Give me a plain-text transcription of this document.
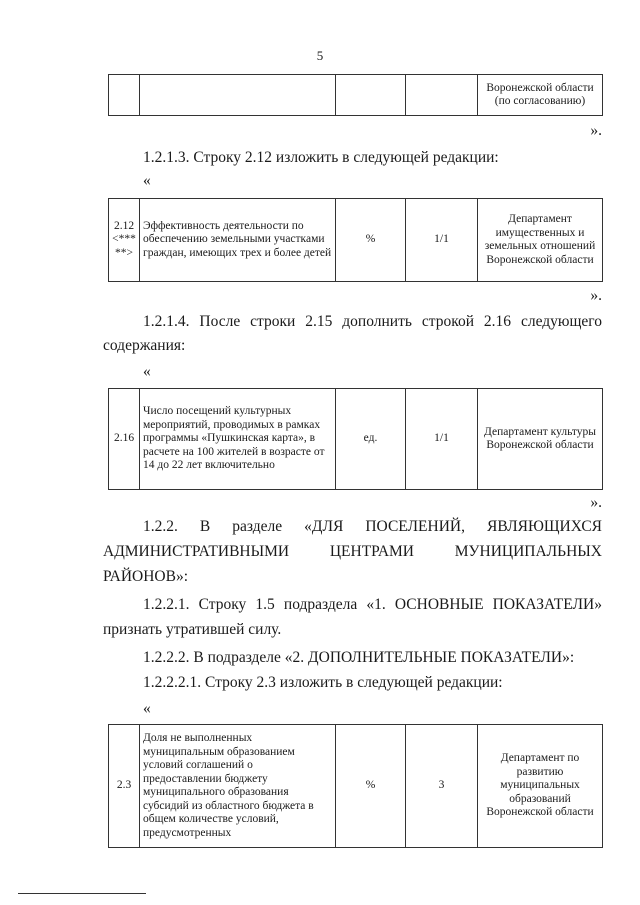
5
				Воронежской области (по согласованию)
».
1.2.1.3. Строку 2.12 изложить в следующей редакции:
«
2.12 <*** **>	Эффективность деятельности по обеспечению земельными участками граждан, имеющих трех и более детей	%	1/1	Департамент имущественных и земельных отношений Воронежской области
».
1.2.1.4. После строки 2.15 дополнить строкой 2.16 следующего
содержания:
«
2.16	Число посещений культурных мероприятий, проводимых в рамках программы «Пушкинская карта», в расчете на 100 жителей в возрасте от 14 до 22 лет включительно	ед.	1/1	Департамент культуры Воронежской области
».
1.2.2. В разделе «ДЛЯ ПОСЕЛЕНИЙ, ЯВЛЯЮЩИХСЯ
АДМИНИСТРАТИВНЫМИ ЦЕНТРАМИ МУНИЦИПАЛЬНЫХ
РАЙОНОВ»:
1.2.2.1. Строку 1.5 подраздела «1. ОСНОВНЫЕ ПОКАЗАТЕЛИ»
признать утратившей силу.
1.2.2.2. В подразделе «2. ДОПОЛНИТЕЛЬНЫЕ ПОКАЗАТЕЛИ»:
1.2.2.2.1. Строку 2.3 изложить в следующей редакции:
«
2.3	Доля не выполненных муниципальным образованием условий соглашений о предоставлении бюджету муниципального образования субсидий из областного бюджета в общем количестве условий, предусмотренных	%	3	Департамент по развитию муниципальных образований Воронежской области
